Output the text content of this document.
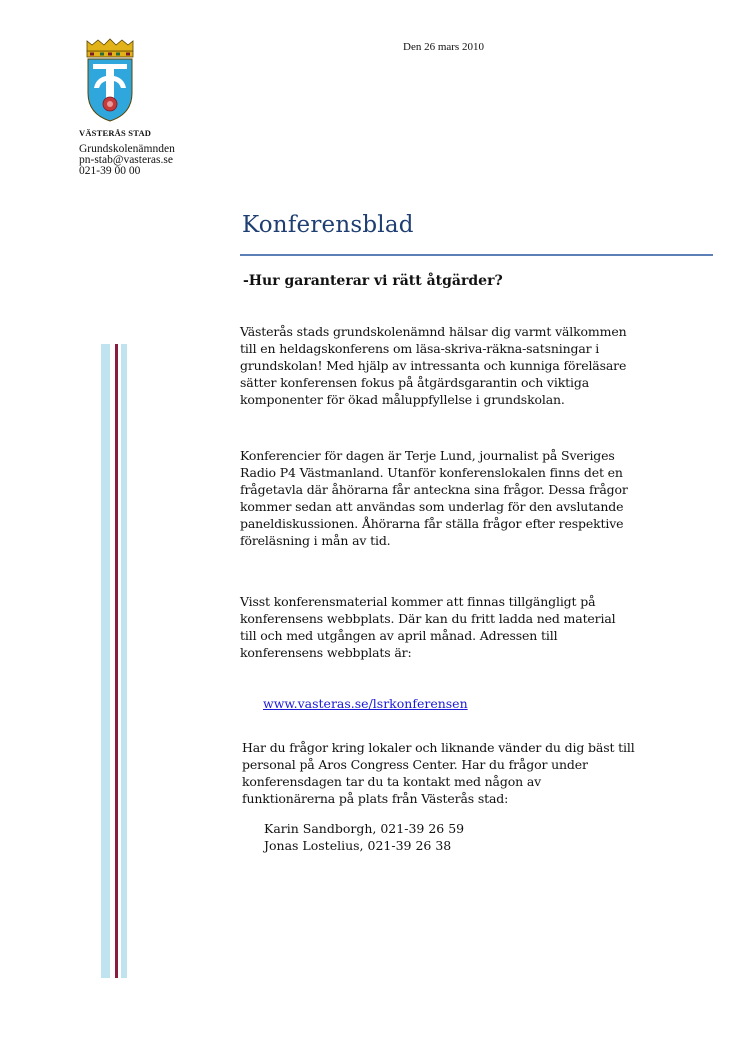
VÄSTERÅS STAD
Grundskolenämnden
pn-stab@vasteras.se
021-39 00 00
Den 26 mars 2010
Konferensblad
-Hur garanterar vi rätt åtgärder?

Västerås stads grundskolenämnd hälsar dig varmt välkommen

till en heldagskonferens om läsa-skriva-räkna-satsningar i

grundskolan! Med hjälp av intressanta och kunniga föreläsare

sätter konferensen fokus på åtgärdsgarantin och viktiga

komponenter för ökad måluppfyllelse i grundskolan.

Konferencier för dagen är Terje Lund, journalist på Sveriges

Radio P4 Västmanland. Utanför konferenslokalen finns det en

frågetavla där åhörarna får anteckna sina frågor. Dessa frågor

kommer sedan att användas som underlag för den avslutande

paneldiskussionen. Åhörarna får ställa frågor efter respektive

föreläsning i mån av tid.

Visst konferensmaterial kommer att finnas tillgängligt på

konferensens webbplats. Där kan du fritt ladda ned material

till och med utgången av april månad. Adressen till

konferensens webbplats är:

www.vasteras.se/lsrkonferensen

Har du frågor kring lokaler och liknande vänder du dig bäst till

personal på Aros Congress Center. Har du frågor under

konferensdagen tar du ta kontakt med någon av

funktionärerna på plats från Västerås stad:

Karin Sandborgh, 021-39 26 59
Jonas Lostelius, 021-39 26 38
